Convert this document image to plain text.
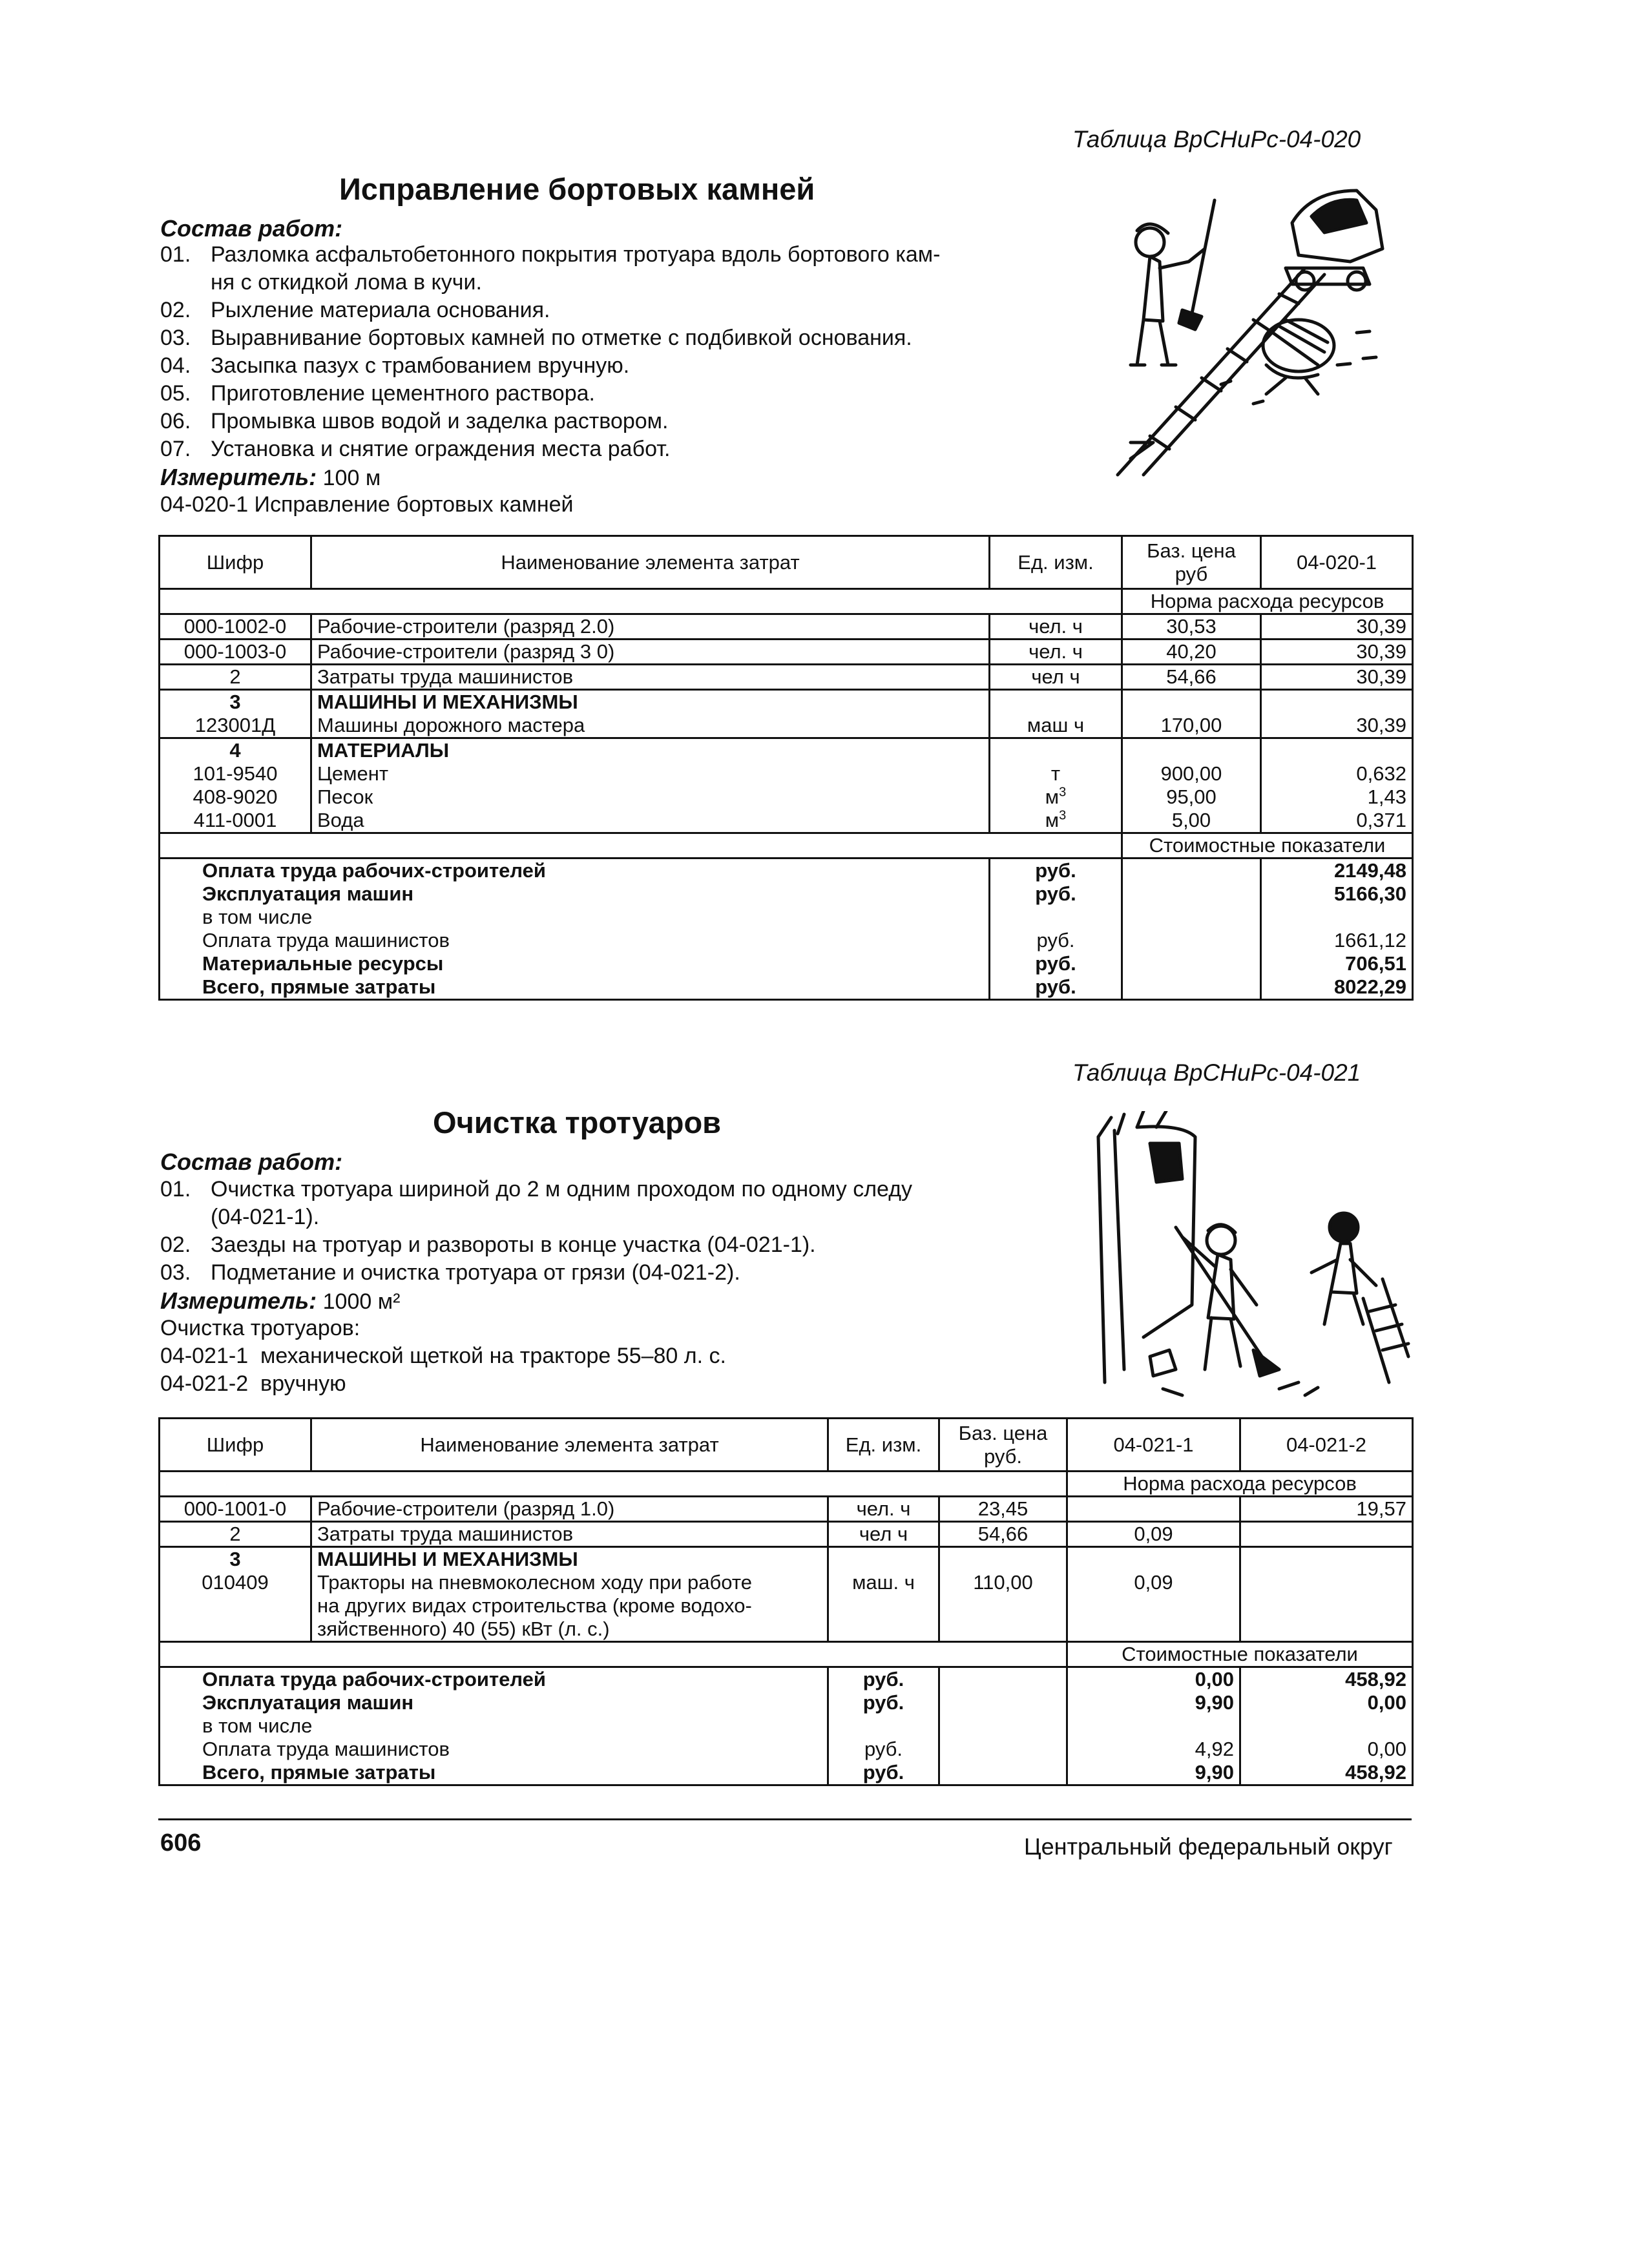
Таблица ВрСНиРс-04-020
Исправление бортовых камней
Состав работ:
01. Разломка асфальтобетонного покрытия тротуара вдоль бортового кам-
ня с откидкой лома в кучи.
02. Рыхление материала основания.
03. Выравнивание бортовых камней по отметке с подбивкой основания.
04. Засыпка пазух с трамбованием вручную.
05. Приготовление цементного раствора.
06. Промывка швов водой и заделка раствором.
07. Установка и снятие ограждения места работ.
Измеритель: 100 м
04-020-1 Исправление бортовых камней
Шифр	Наименование элемента затрат	Ед. изм.	Баз. цена руб	04-020-1
			Норма расхода ресурсов	
000-1002-0	Рабочие-строители (разряд 2.0)	чел. ч	30,53	30,39
000-1003-0	Рабочие-строители (разряд 3 0)	чел. ч	40,20	30,39
2	Затраты труда машинистов	чел ч	54,66	30,39
3	МАШИНЫ И МЕХАНИЗМЫ			
123001Д	Машины дорожного мастера	маш ч	170,00	30,39
4	МАТЕРИАЛЫ			
101-9540	Цемент	т	900,00	0,632
408-9020	Песок	$м^3$	95,00	1,43
411-0001	Вода	$м^3$	5,00	0,371
			Стоимостные показатели	
Оплата труда рабочих-строителей		руб.		2149,48
Эксплуатация машин		руб.		5166,30
в том числе				
Оплата труда машинистов		руб.		1661,12
Материальные ресурсы		руб.		706,51
Всего, прямые затраты		руб.		8022,29
Таблица ВрСНиРс-04-021
Очистка тротуаров
Состав работ:
01. Очистка тротуара шириной до 2 м одним проходом по одному следу
(04-021-1).
02. Заезды на тротуар и развороты в конце участка (04-021-1).
03. Подметание и очистка тротуара от грязи (04-021-2).
Измеритель: 1000 м²
Очистка тротуаров:
04-021-1 механической щеткой на тракторе 55–80 л. с.
04-021-2 вручную
Шифр	Наименование элемента затрат	Ед. изм.	Баз. цена руб.	04-021-1	04-021-2
				Норма расхода ресурсов	
000-1001-0	Рабочие-строители (разряд 1.0)	чел. ч	23,45		19,57
2	Затраты труда машинистов	чел ч	54,66	0,09	
3	МАШИНЫ И МЕХАНИЗМЫ				
010409	Тракторы на пневмоколесном ходу при работе
на других видах строительства (кроме водохо-
зяйственного) 40 (55) кВт (л. с.)	маш. ч	110,00	0,09	
				Стоимостные показатели	
Оплата труда рабочих-строителей		руб.		0,00	458,92
Эксплуатация машин		руб.		9,90	0,00
в том числе					
Оплата труда машинистов		руб.		4,92	0,00
Всего, прямые затраты		руб.		9,90	458,92
606	Центральный федеральный округ
